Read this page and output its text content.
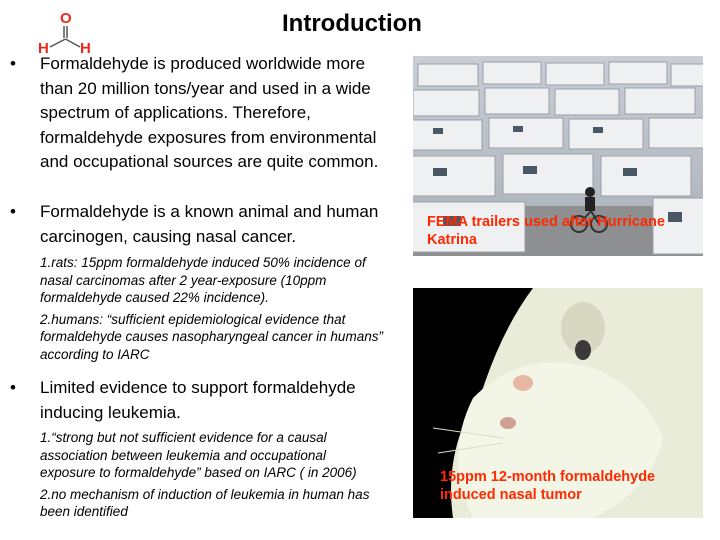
Introduction
O
H H
• Formaldehyde is produced worldwide more than 20 million tons/year and used in a wide spectrum of applications. Therefore, formaldehyde exposures from environmental and occupational sources are quite common.
• Formaldehyde is a known animal and human carcinogen, causing nasal cancer.

1.rats: 15ppm formaldehyde induced 50% incidence of nasal carcinomas after 2 year-exposure (10ppm formaldehyde caused 22% incidence).

2.humans: “sufficient epidemiological evidence that formaldehyde causes nasopharyngeal cancer in humans” according to IARC

• Limited evidence to support formaldehyde inducing leukemia.

1.“strong but not sufficient evidence for a causal association between leukemia and occupational exposure to formaldehyde” based on IARC ( in 2006)

2.no mechanism of induction of leukemia in human has been identified

FEMA trailers used after Hurricane Katrina
15ppm 12-month formaldehyde induced nasal tumor
